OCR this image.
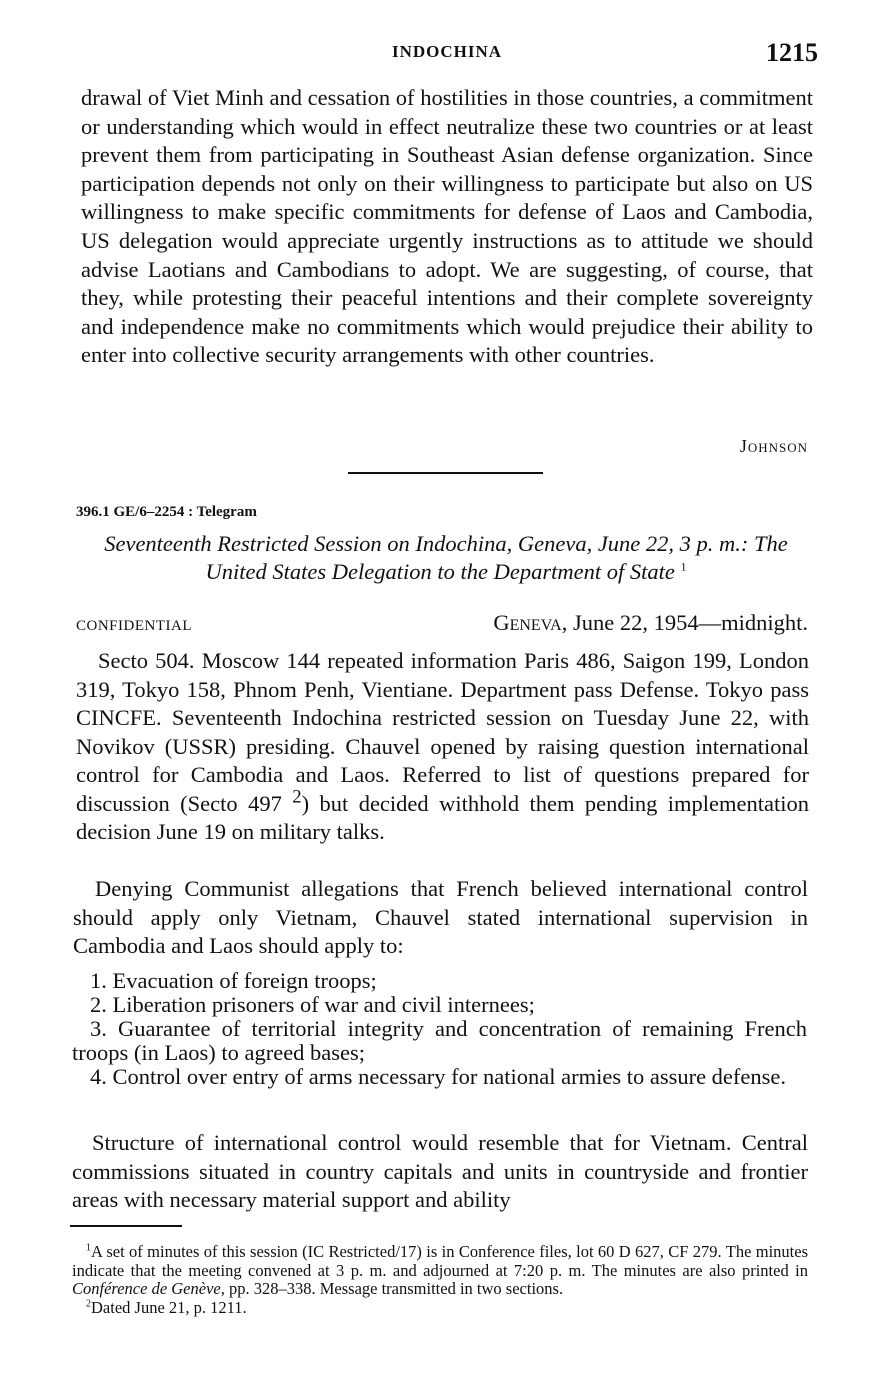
INDOCHINA	1215

drawal of Viet Minh and cessation of hostilities in those countries, a commitment or understanding which would in effect neutralize these two countries or at least prevent them from participating in Southeast Asian defense organization. Since participation depends not only on their willingness to participate but also on US willingness to make specific commitments for defense of Laos and Cambodia, US delegation would appreciate urgently instructions as to attitude we should advise Laotians and Cambodians to adopt. We are suggesting, of course, that they, while protesting their peaceful intentions and their complete sovereignty and independence make no commitments which would prejudice their ability to enter into collective security arrangements with other countries.

Johnson
396.1 GE/6–2254 : Telegram
Seventeenth Restricted Session on Indochina, Geneva, June 22, 3 p. m.: The United States Delegation to the Department of State $^1$
CONFIDENTIAL	Geneva, June 22, 1954—midnight.

Secto 504. Moscow 144 repeated information Paris 486, Saigon 199, London 319, Tokyo 158, Phnom Penh, Vientiane. Department pass Defense. Tokyo pass CINCFE. Seventeenth Indochina restricted session on Tuesday June 22, with Novikov (USSR) presiding. Chauvel opened by raising question international control for Cambodia and Laos. Referred to list of questions prepared for discussion (Secto 497 $^2$) but decided withhold them pending implementation decision June 19 on military talks.

Denying Communist allegations that French believed international control should apply only Vietnam, Chauvel stated international supervision in Cambodia and Laos should apply to:

1. Evacuation of foreign troops;

2. Liberation prisoners of war and civil internees;

3. Guarantee of territorial integrity and concentration of remaining French troops (in Laos) to agreed bases;

4. Control over entry of arms necessary for national armies to assure defense.

Structure of international control would resemble that for Vietnam. Central commissions situated in country capitals and units in countryside and frontier areas with necessary material support and ability

$^1$A set of minutes of this session (IC Restricted/17) is in Conference files, lot 60 D 627, CF 279. The minutes indicate that the meeting convened at 3 p. m. and adjourned at 7:20 p. m. The minutes are also printed in Conférence de Genève, pp. 328–338. Message transmitted in two sections.

$^2$Dated June 21, p. 1211.
